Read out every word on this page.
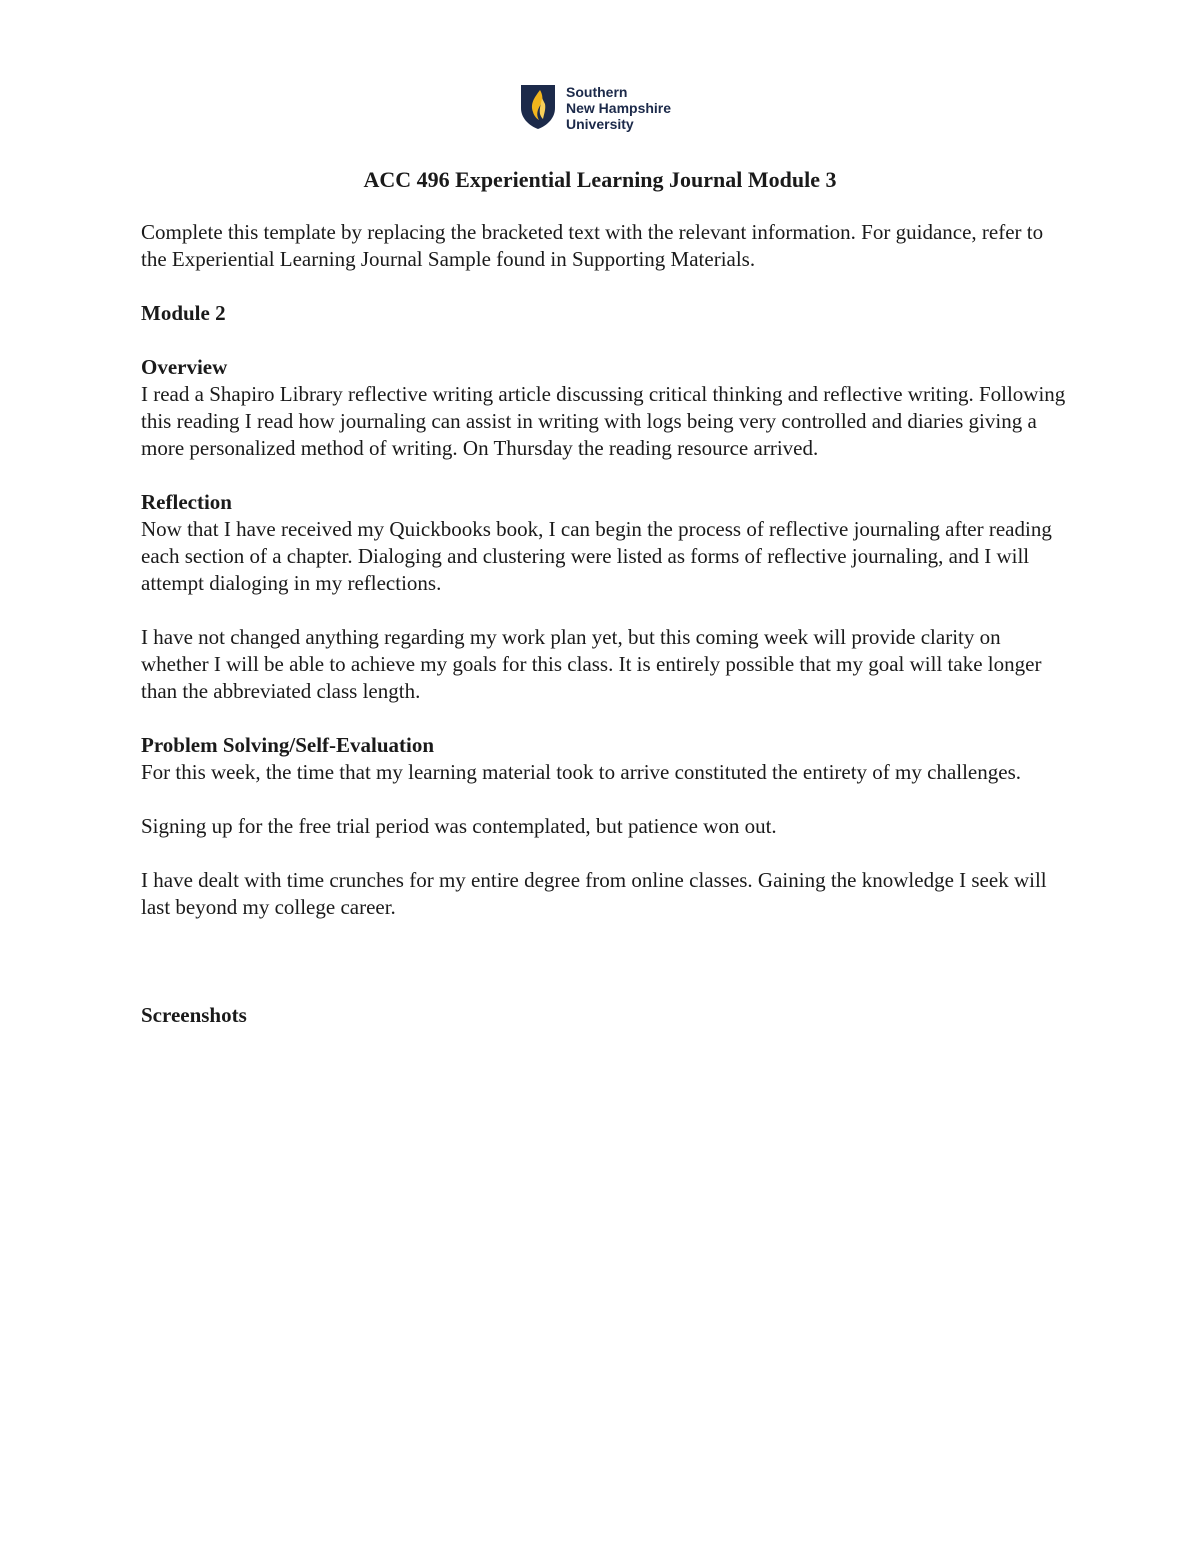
Southern
New Hampshire
University
ACC 496 Experiential Learning Journal Module 3

Complete this template by replacing the bracketed text with the relevant information. For guidance, refer to the Experiential Learning Journal Sample found in Supporting Materials.

Module 2
Overview

I read a Shapiro Library reflective writing article discussing critical thinking and reflective writing. Following this reading I read how journaling can assist in writing with logs being very controlled and diaries giving a more personalized method of writing. On Thursday the reading resource arrived.

Reflection

Now that I have received my Quickbooks book, I can begin the process of reflective journaling after reading each section of a chapter. Dialoging and clustering were listed as forms of reflective journaling, and I will attempt dialoging in my reflections.

I have not changed anything regarding my work plan yet, but this coming week will provide clarity on whether I will be able to achieve my goals for this class. It is entirely possible that my goal will take longer than the abbreviated class length.

Problem Solving/Self-Evaluation

For this week, the time that my learning material took to arrive constituted the entirety of my challenges.

Signing up for the free trial period was contemplated, but patience won out.

I have dealt with time crunches for my entire degree from online classes. Gaining the knowledge I seek will last beyond my college career.

Screenshots
